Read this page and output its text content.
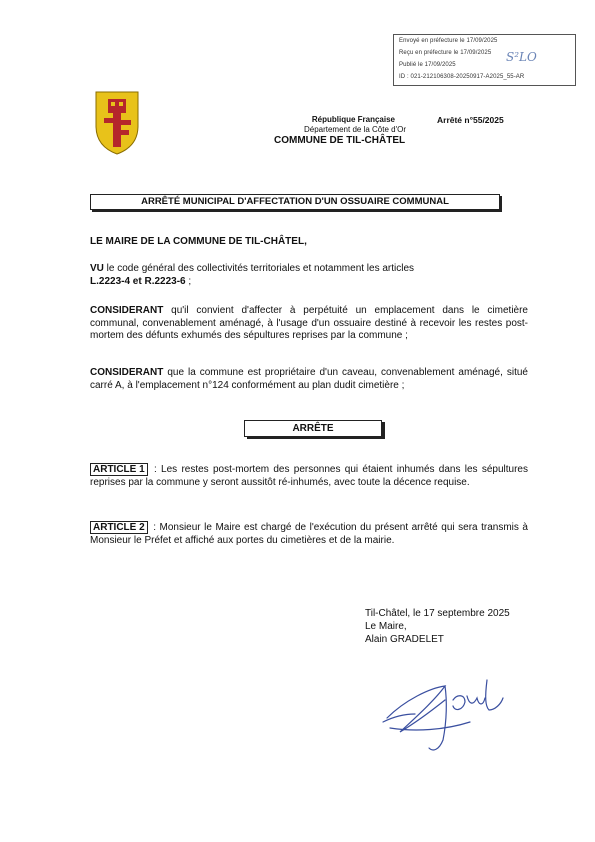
Envoyé en préfecture le 17/09/2025
Reçu en préfecture le 17/09/2025
Publié le 17/09/2025
ID : 021-212106308-20250917-A2025_55-AR
S²LO
République Française
Département de la Côte d'Or
COMMUNE DE TIL-CHÂTEL
Arrêté n°55/2025
ARRÊTÉ MUNICIPAL D'AFFECTATION D'UN OSSUAIRE COMMUNAL
LE MAIRE DE LA COMMUNE DE TIL-CHÂTEL,
VU le code général des collectivités territoriales et notamment les articles
L.2223-4 et R.2223-6 ;
CONSIDERANT qu'il convient d'affecter à perpétuité un emplacement dans le cimetière communal, convenablement aménagé, à l'usage d'un ossuaire destiné à recevoir les restes post-mortem des défunts exhumés des sépultures reprises par la commune ;
CONSIDERANT que la commune est propriétaire d'un caveau, convenablement aménagé, situé carré A, à l'emplacement n°124 conformément au plan dudit cimetière ;
ARRÊTE
ARTICLE 1 : Les restes post-mortem des personnes qui étaient inhumés dans les sépultures reprises par la commune y seront aussitôt ré-inhumés, avec toute la décence requise.
ARTICLE 2 : Monsieur le Maire est chargé de l'exécution du présent arrêté qui sera transmis à Monsieur le Préfet et affiché aux portes du cimetières et de la mairie.
Til-Châtel, le 17 septembre 2025
Le Maire,
Alain GRADELET
